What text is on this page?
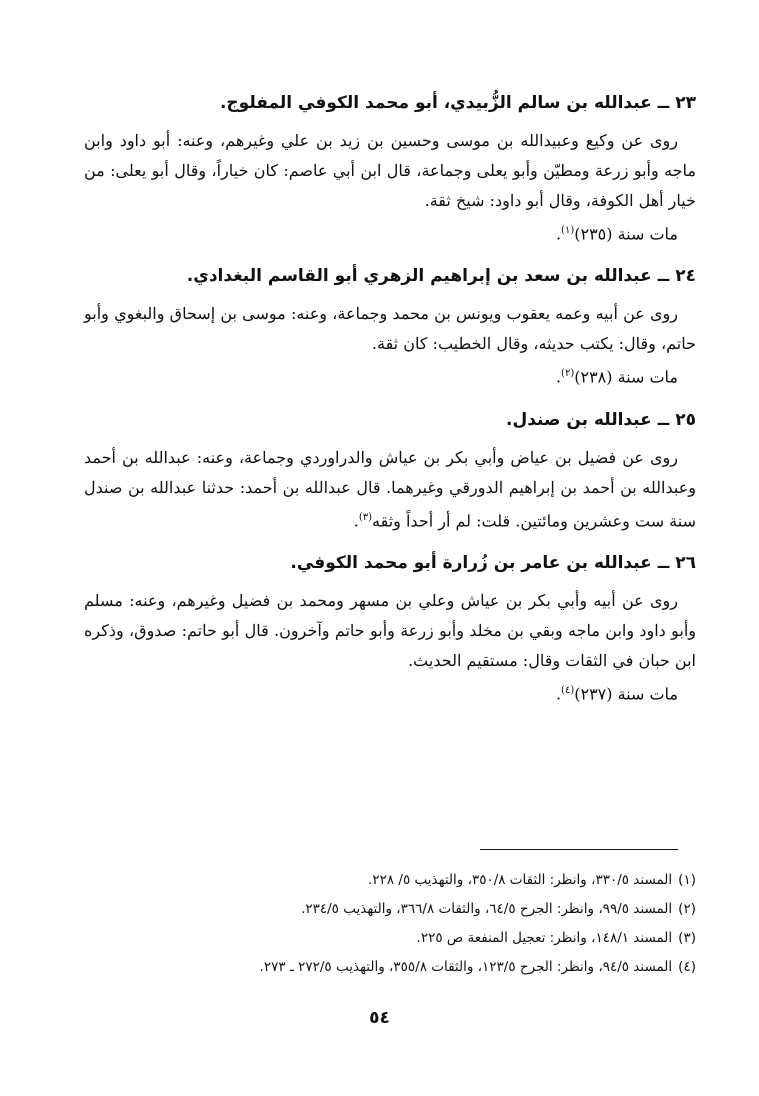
٢٣ ــ عبدالله بن سالم الزُّبيدي، أبو محمد الكوفي المفلوج.

روى عن وكيع وعبيدالله بن موسى وحسين بن زيد بن علي وغيرهم، وعنه: أبو داود وابن ماجه وأبو زرعة ومطيّن وأبو يعلى وجماعة، قال ابن أبي عاصم: كان خياراً، وقال أبو يعلى: من خيار أهل الكوفة، وقال أبو داود: شيخ ثقة.

مات سنة (٢٣٥)$^{(١)}$.

٢٤ ــ عبدالله بن سعد بن إبراهيم الزهري أبو القاسم البغدادي.

روى عن أبيه وعمه يعقوب ويونس بن محمد وجماعة، وعنه: موسى بن إسحاق والبغوي وأبو حاتم، وقال: يكتب حديثه، وقال الخطيب: كان ثقة.

مات سنة (٢٣٨)$^{(٢)}$.

٢٥ ــ عبدالله بن صندل.

روى عن فضيل بن عياض وأبي بكر بن عياش والدراوردي وجماعة، وعنه: عبدالله بن أحمد وعبدالله بن أحمد بن إبراهيم الدورقي وغيرهما. قال عبدالله بن أحمد: حدثنا عبدالله بن صندل سنة ست وعشرين ومائتين. قلت: لم أر أحداً وثقه$^{(٣)}$.

٢٦ ــ عبدالله بن عامر بن زُرارة أبو محمد الكوفي.

روى عن أبيه وأبي بكر بن عياش وعلي بن مسهر ومحمد بن فضيل وغيرهم، وعنه: مسلم وأبو داود وابن ماجه وبقي بن مخلد وأبو زرعة وأبو حاتم وآخرون. قال أبو حاتم: صدوق، وذكره ابن حبان في الثقات وقال: مستقيم الحديث.

مات سنة (٢٣٧)$^{(٤)}$.

(١)المسند ٣٣٠/٥، وانظر: الثقات ٣٥٠/٨، والتهذيب ٥/ ٢٢٨.

(٢)المسند ٩٩/٥، وانظر: الجرح ٦٤/٥، والثقات ٣٦٦/٨، والتهذيب ٢٣٤/٥.

(٣)المسند ١٤٨/١، وانظر: تعجيل المنفعة ص ٢٢٥.

(٤)المسند ٩٤/٥، وانظر: الجرح ١٢٣/٥، والثقات ٣٥٥/٨، والتهذيب ٢٧٢/٥ ـ ٢٧٣.

٥٤
